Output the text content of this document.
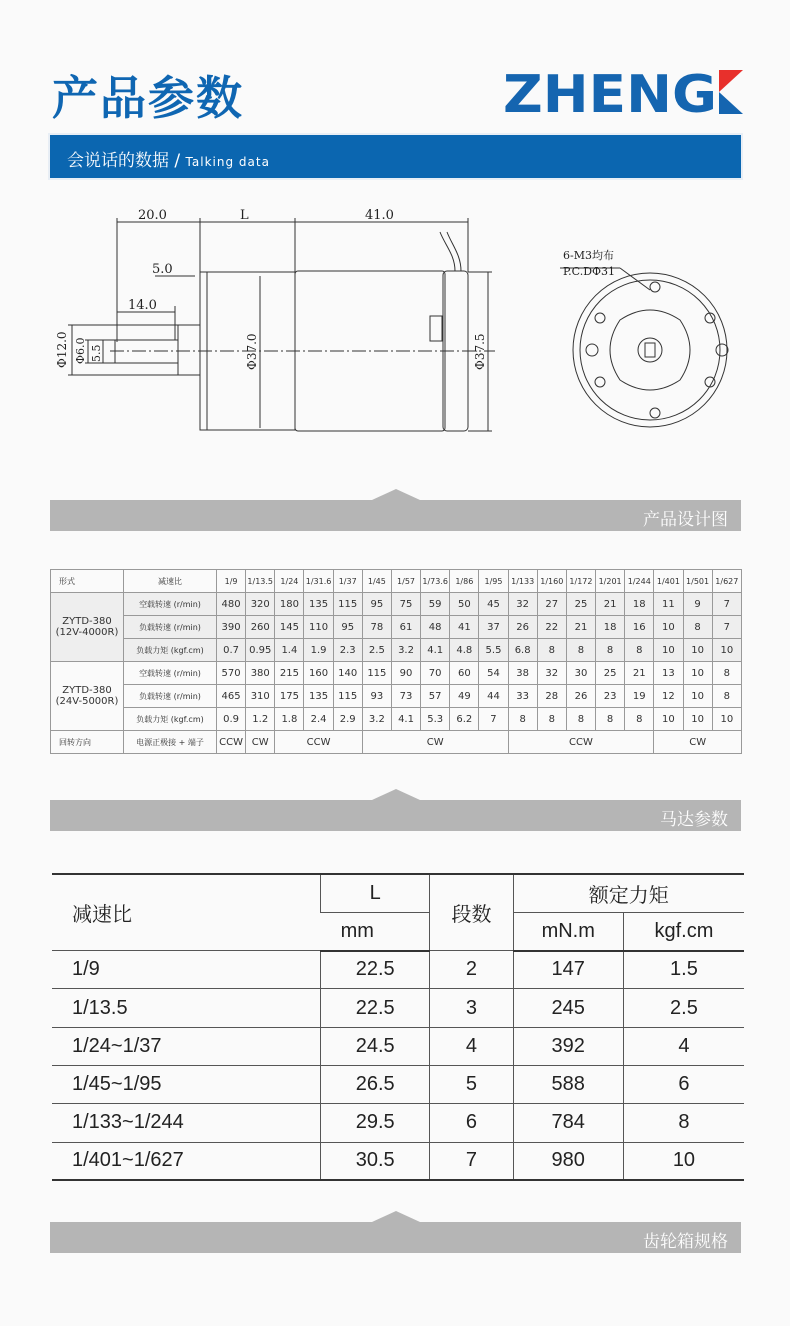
产品参数	ZHENG
会说话的数据 / Talking data
20.0	L	41.0
5.0
14.0
Φ12.0 Φ6.0 5.5	Φ37.0	Φ37.5
6-M3均布
P.C.DΦ31
产品设计图
形式	减速比	1/9	1/13.5	1/24	1/31.6	1/37	1/45	1/57	1/73.6	1/86	1/95	1/133	1/160	1/172	1/201	1/244	1/401	1/501	1/627

ZYTD-380
(12V-4000R)	空载转速 (r/min)	480	320	180	135	115	95	75	59	50	45	32	27	25	21	18	11	9	7
	负载转速 (r/min)	390	260	145	110	95	78	61	48	41	37	26	22	21	18	16	10	8	7
	负载力矩 (kgf.cm)	0.7	0.95	1.4	1.9	2.3	2.5	3.2	4.1	4.8	5.5	6.8	8	8	8	8	10	10	10

ZYTD-380
(24V-5000R)	空载转速 (r/min)	570	380	215	160	140	115	90	70	60	54	38	32	30	25	21	13	10	8
	负载转速 (r/min)	465	310	175	135	115	93	73	57	49	44	33	28	26	23	19	12	10	8
	负载力矩 (kgf.cm)	0.9	1.2	1.8	2.4	2.9	3.2	4.1	5.3	6.2	7	8	8	8	8	8	10	10	10
回转方向	电源正极接 + 端子	CCW	CW	CCW			CW					CCW					CW		
马达参数
减速比	L	段数	额定力矩	
	mm		mN.m	kgf.cm
1/9	22.5	2	147	1.5
1/13.5	22.5	3	245	2.5
1/24~1/37	24.5	4	392	4
1/45~1/95	26.5	5	588	6
1/133~1/244	29.5	6	784	8
1/401~1/627	30.5	7	980	10
齿轮箱规格
